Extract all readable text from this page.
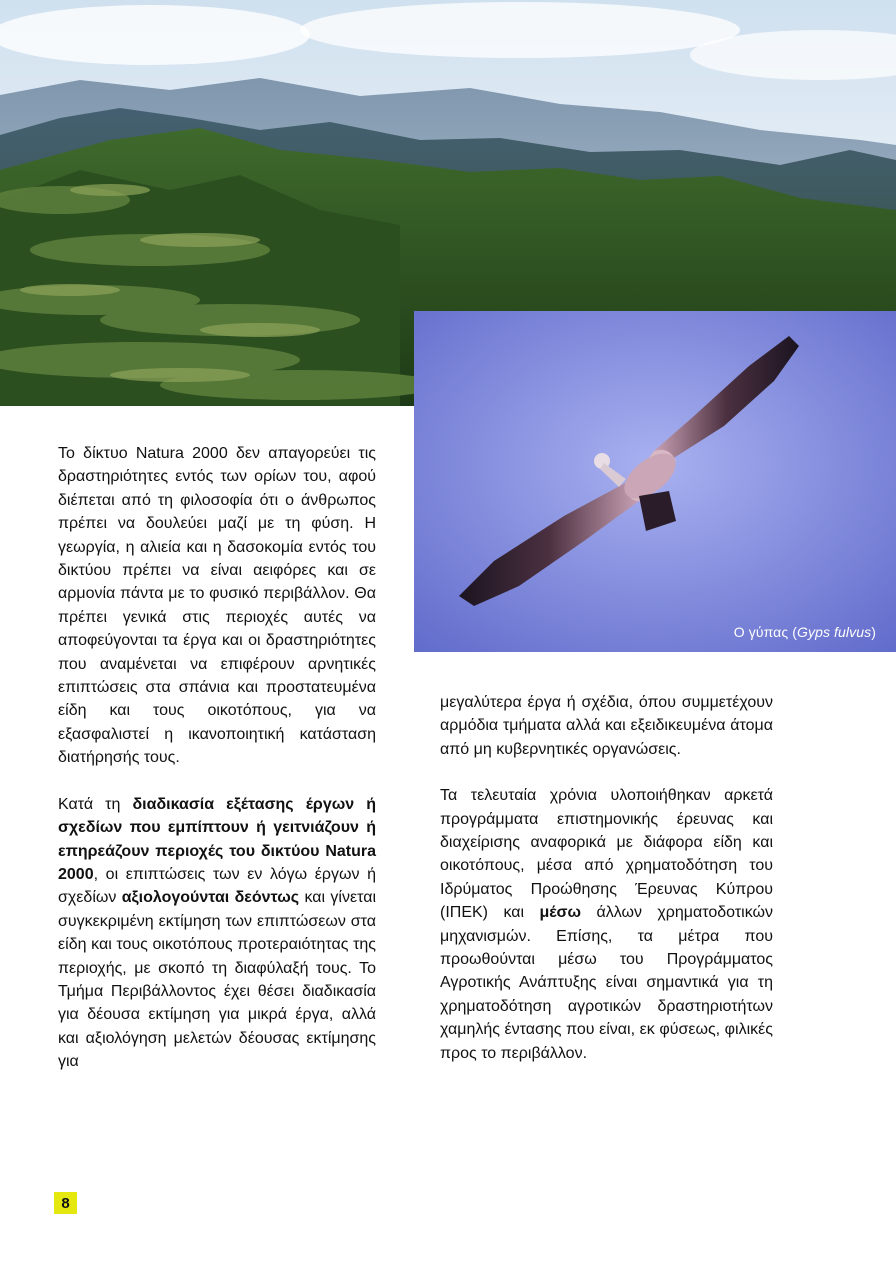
Ο γύπας (Gyps fulvus)

Το δίκτυο Natura 2000 δεν απαγορεύει τις δραστηριότητες εντός των ορίων του, αφού διέπεται από τη φιλοσοφία ότι ο άνθρωπος πρέπει να δουλεύει μαζί με τη φύση. Η γεωργία, η αλιεία και η δασοκομία εντός του δικτύου πρέπει να είναι αειφόρες και σε αρμονία πάντα με το φυσικό περιβάλλον. Θα πρέπει γενικά στις περιοχές αυτές να αποφεύγονται τα έργα και οι δραστηριότητες που αναμένεται να επιφέρουν αρνητικές επιπτώσεις στα σπάνια και προστατευμένα είδη και τους οικοτόπους, για να εξασφαλιστεί η ικανοποιητική κατάσταση διατήρησής τους.

Κατά τη διαδικασία εξέτασης έργων ή σχεδίων που εμπίπτουν ή γειτνιάζουν ή επηρεάζουν περιοχές του δικτύου Natura 2000, οι επιπτώσεις των εν λόγω έργων ή σχεδίων αξιολογούνται δεόντως και γίνεται συγκεκριμένη εκτίμηση των επιπτώσεων στα είδη και τους οικοτόπους προτεραιότητας της περιοχής, με σκοπό τη διαφύλαξή τους. Το Τμήμα Περιβάλλοντος έχει θέσει διαδικασία για δέουσα εκτίμηση για μικρά έργα, αλλά και αξιολόγηση μελετών δέουσας εκτίμησης για

μεγαλύτερα έργα ή σχέδια, όπου συμμετέχουν αρμόδια τμήματα αλλά και εξειδικευμένα άτομα από μη κυβερνητικές οργανώσεις.

Τα τελευταία χρόνια υλοποιήθηκαν αρκετά προγράμματα επιστημονικής έρευνας και διαχείρισης αναφορικά με διάφορα είδη και οικοτόπους, μέσα από χρηματοδότηση του Ιδρύματος Προώθησης Έρευνας Κύπρου (ΙΠΕΚ) και μέσω άλλων χρηματοδοτικών μηχανισμών. Επίσης, τα μέτρα που προωθούνται μέσω του Προγράμματος Αγροτικής Ανάπτυξης είναι σημαντικά για τη χρηματοδότηση αγροτικών δραστηριοτήτων χαμηλής έντασης που είναι, εκ φύσεως, φιλικές προς το περιβάλλον.

8
